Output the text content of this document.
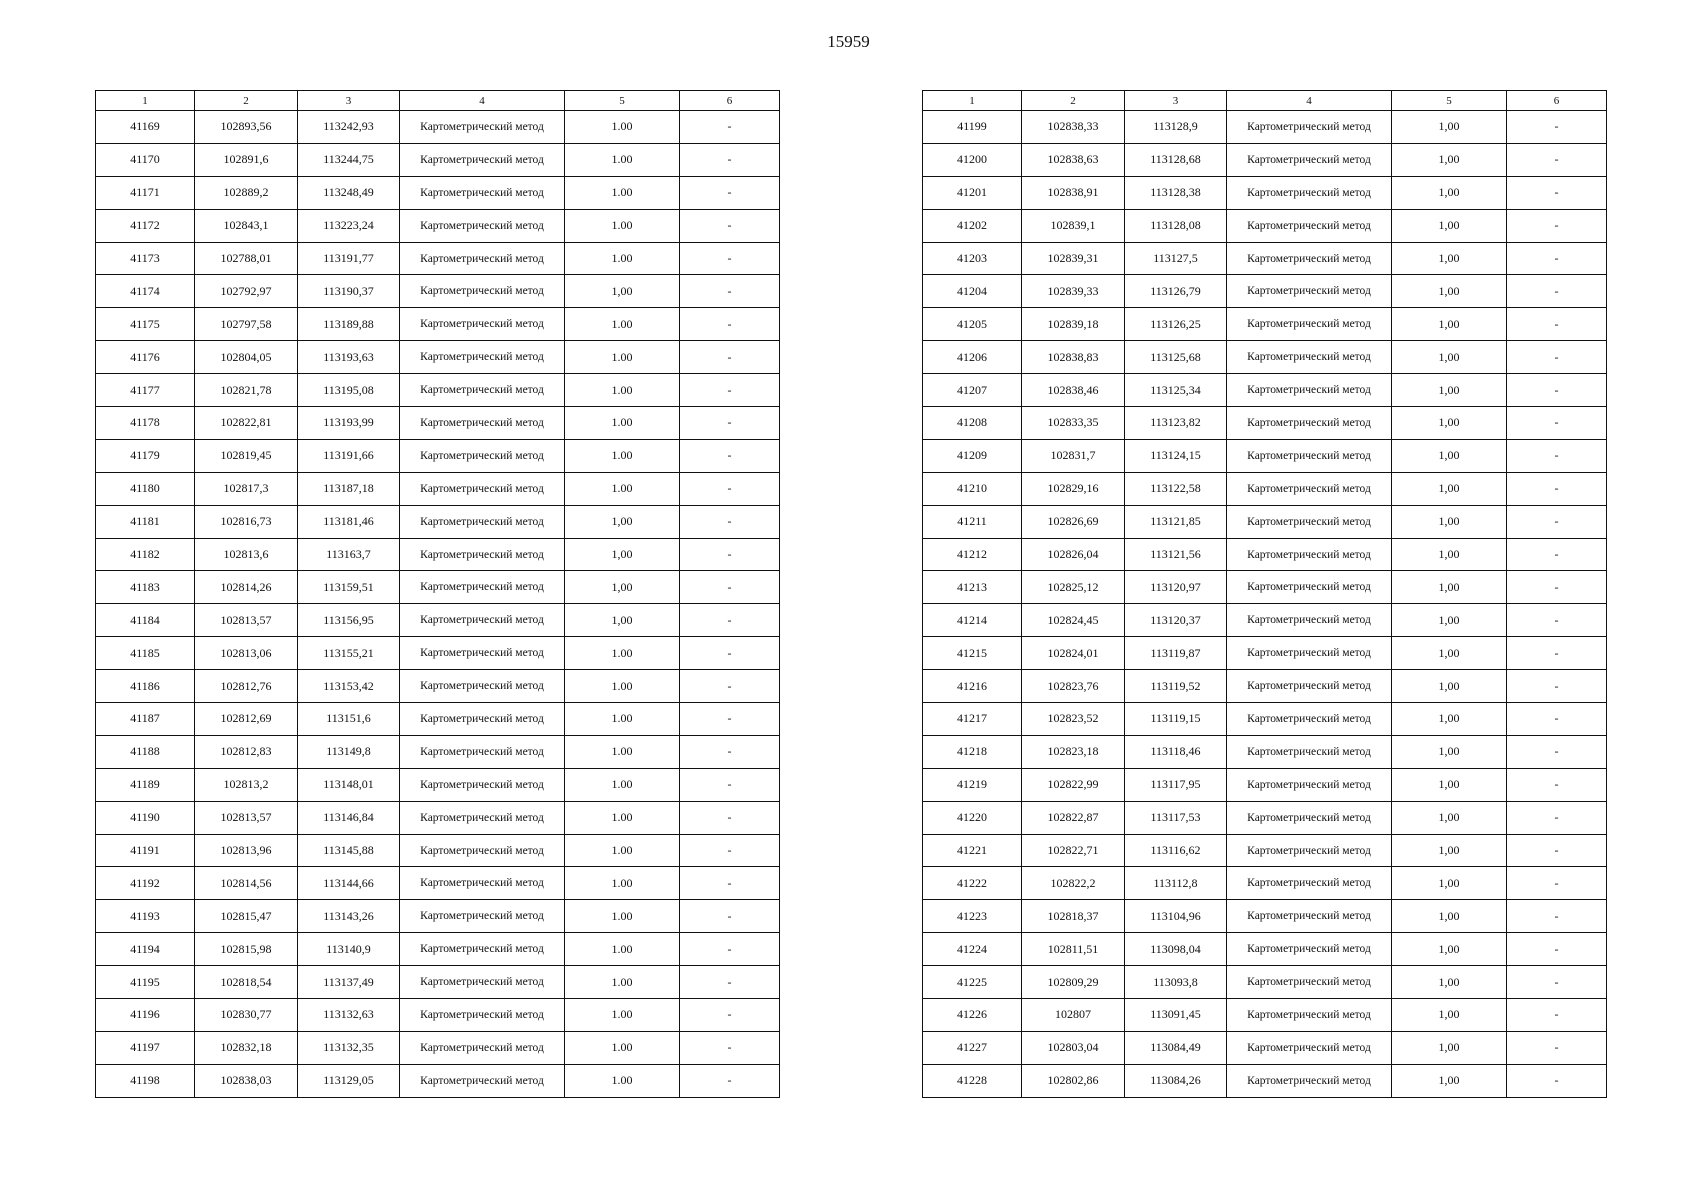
15959
1	2	3	4	5	6
41169	102893,56	113242,93	Картометрический метод	1.00	-
41170	102891,6	113244,75	Картометрический метод	1.00	-
41171	102889,2	113248,49	Картометрический метод	1.00	-
41172	102843,1	113223,24	Картометрический метод	1.00	-
41173	102788,01	113191,77	Картометрический метод	1.00	-
41174	102792,97	113190,37	Картометрический метод	1,00	-
41175	102797,58	113189,88	Картометрический метод	1.00	-
41176	102804,05	113193,63	Картометрический метод	1.00	-
41177	102821,78	113195,08	Картометрический метод	1.00	-
41178	102822,81	113193,99	Картометрический метод	1.00	-
41179	102819,45	113191,66	Картометрический метод	1.00	-
41180	102817,3	113187,18	Картометрический метод	1.00	-
41181	102816,73	113181,46	Картометрический метод	1,00	-
41182	102813,6	113163,7	Картометрический метод	1,00	-
41183	102814,26	113159,51	Картометрический метод	1,00	-
41184	102813,57	113156,95	Картометрический метод	1,00	-
41185	102813,06	113155,21	Картометрический метод	1.00	-
41186	102812,76	113153,42	Картометрический метод	1.00	-
41187	102812,69	113151,6	Картометрический метод	1.00	-
41188	102812,83	113149,8	Картометрический метод	1.00	-
41189	102813,2	113148,01	Картометрический метод	1.00	-
41190	102813,57	113146,84	Картометрический метод	1.00	-
41191	102813,96	113145,88	Картометрический метод	1.00	-
41192	102814,56	113144,66	Картометрический метод	1.00	-
41193	102815,47	113143,26	Картометрический метод	1.00	-
41194	102815,98	113140,9	Картометрический метод	1.00	-
41195	102818,54	113137,49	Картометрический метод	1.00	-
41196	102830,77	113132,63	Картометрический метод	1.00	-
41197	102832,18	113132,35	Картометрический метод	1.00	-
41198	102838,03	113129,05	Картометрический метод	1.00	-
1	2	3	4	5	6
41199	102838,33	113128,9	Картометрический метод	1,00	-
41200	102838,63	113128,68	Картометрический метод	1,00	-
41201	102838,91	113128,38	Картометрический метод	1,00	-
41202	102839,1	113128,08	Картометрический метод	1,00	-
41203	102839,31	113127,5	Картометрический метод	1,00	-
41204	102839,33	113126,79	Картометрический метод	1,00	-
41205	102839,18	113126,25	Картометрический метод	1,00	-
41206	102838,83	113125,68	Картометрический метод	1,00	-
41207	102838,46	113125,34	Картометрический метод	1,00	-
41208	102833,35	113123,82	Картометрический метод	1,00	-
41209	102831,7	113124,15	Картометрический метод	1,00	-
41210	102829,16	113122,58	Картометрический метод	1,00	-
41211	102826,69	113121,85	Картометрический метод	1,00	-
41212	102826,04	113121,56	Картометрический метод	1,00	-
41213	102825,12	113120,97	Картометрический метод	1,00	-
41214	102824,45	113120,37	Картометрический метод	1,00	-
41215	102824,01	113119,87	Картометрический метод	1,00	-
41216	102823,76	113119,52	Картометрический метод	1,00	-
41217	102823,52	113119,15	Картометрический метод	1,00	-
41218	102823,18	113118,46	Картометрический метод	1,00	-
41219	102822,99	113117,95	Картометрический метод	1,00	-
41220	102822,87	113117,53	Картометрический метод	1,00	-
41221	102822,71	113116,62	Картометрический метод	1,00	-
41222	102822,2	113112,8	Картометрический метод	1,00	-
41223	102818,37	113104,96	Картометрический метод	1,00	-
41224	102811,51	113098,04	Картометрический метод	1,00	-
41225	102809,29	113093,8	Картометрический метод	1,00	-
41226	102807	113091,45	Картометрический метод	1,00	-
41227	102803,04	113084,49	Картометрический метод	1,00	-
41228	102802,86	113084,26	Картометрический метод	1,00	-
